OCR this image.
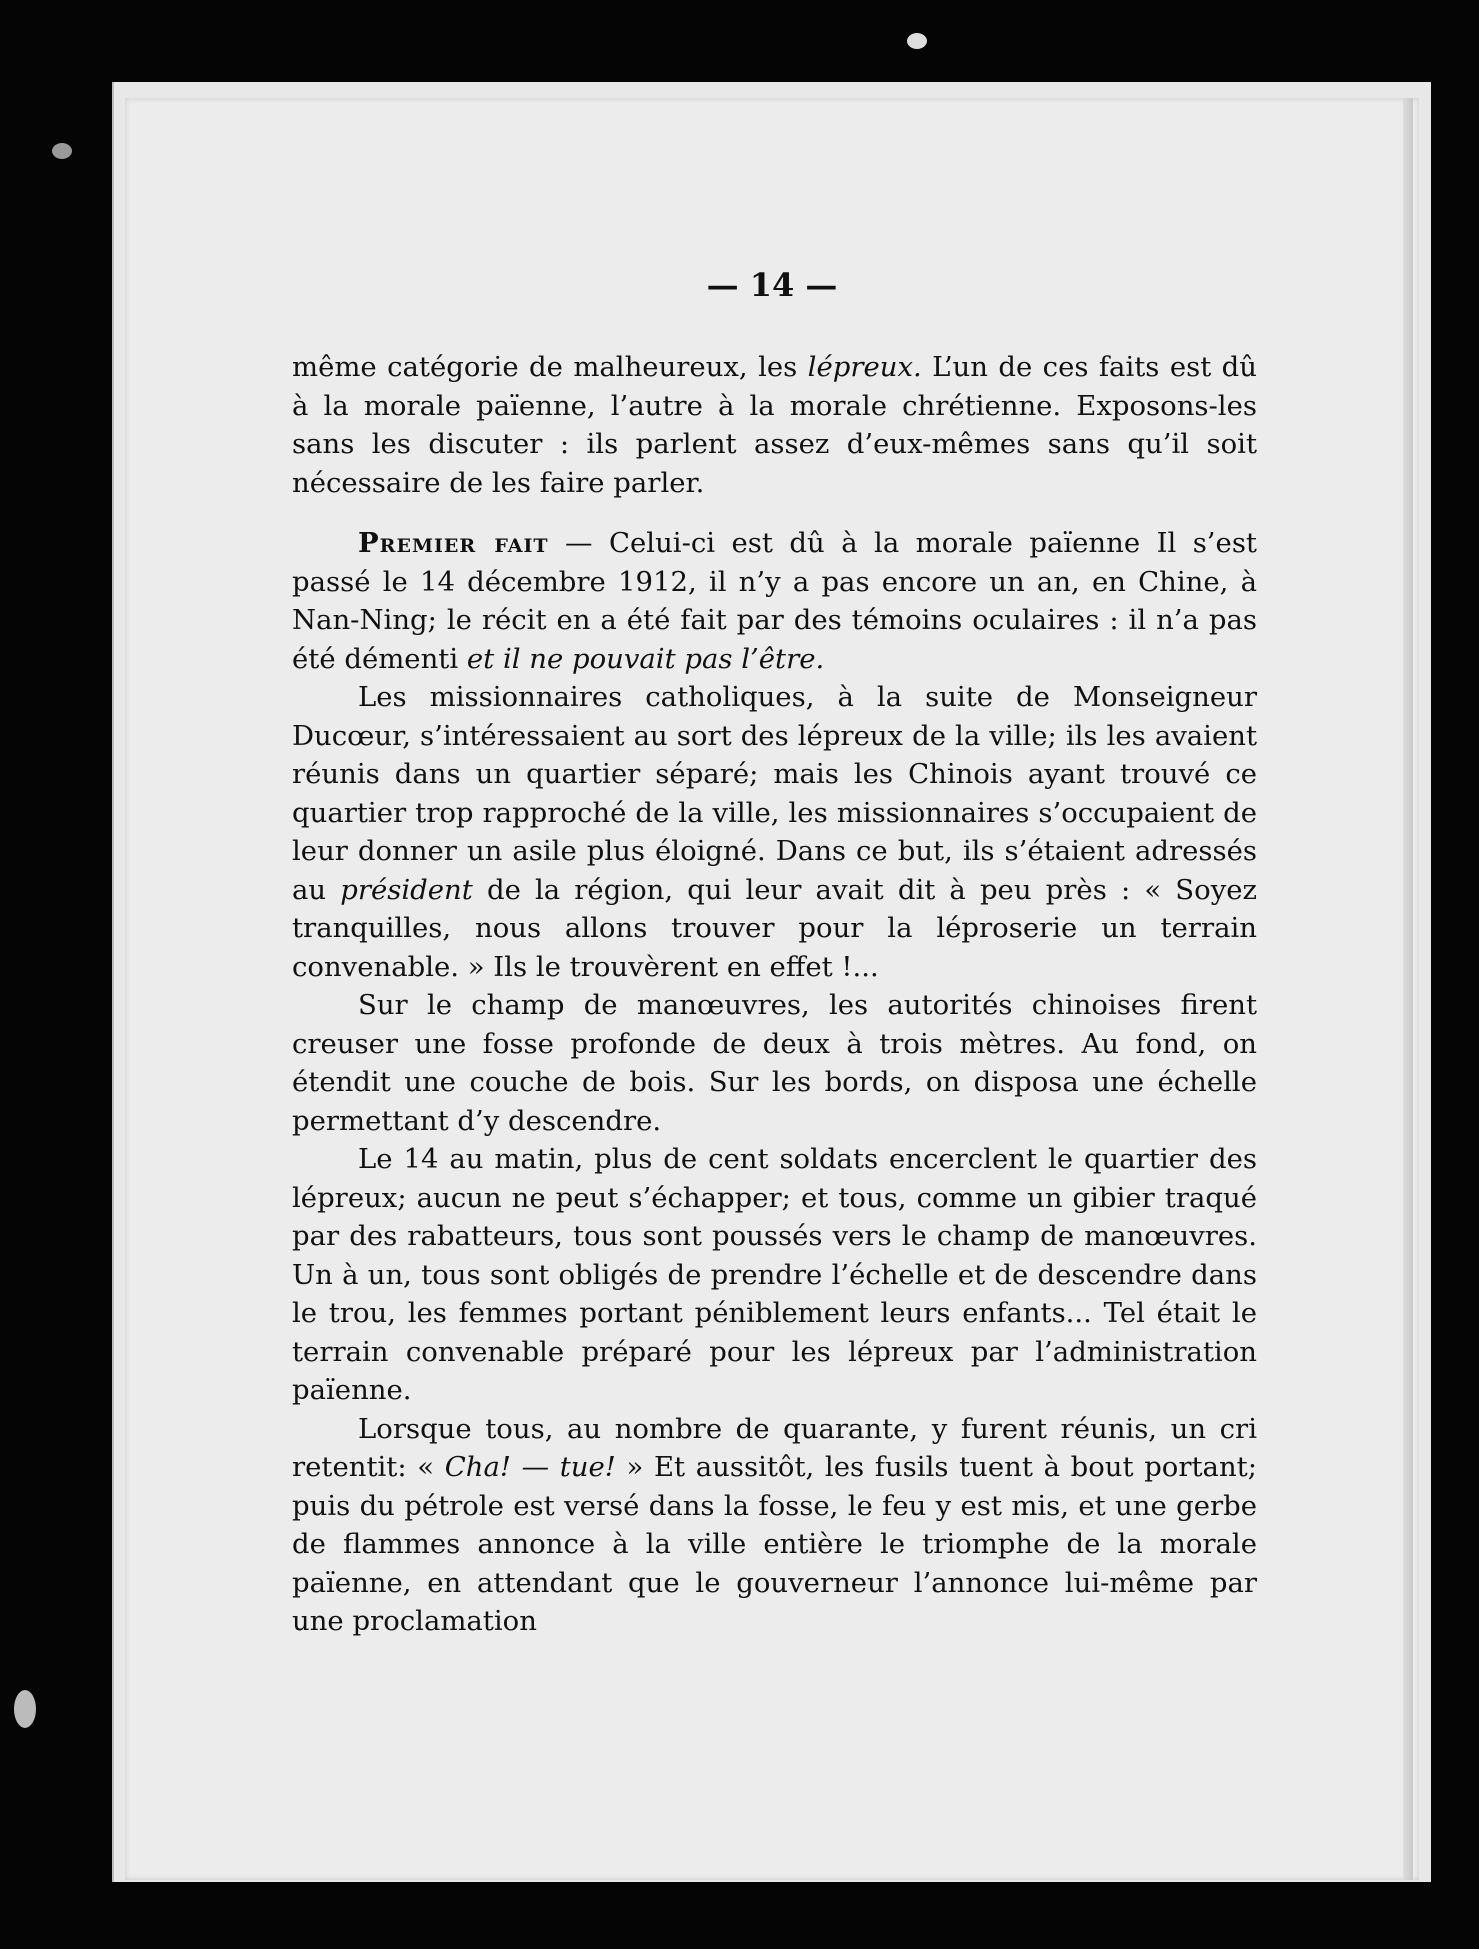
— 14 —

même catégorie de malheureux, les lépreux. L’un de ces faits est dû à la morale païenne, l’autre à la morale chrétienne. Exposons-les sans les discuter : ils parlent assez d’eux-mêmes sans qu’il soit nécessaire de les faire parler.

Premier fait — Celui-ci est dû à la morale païenne Il s’est passé le 14 décembre 1912, il n’y a pas encore un an, en Chine, à Nan-Ning; le récit en a été fait par des témoins oculaires : il n’a pas été démenti et il ne pouvait pas l’être.

Les missionnaires catholiques, à la suite de Monseigneur Ducœur, s’intéressaient au sort des lépreux de la ville; ils les avaient réunis dans un quartier séparé; mais les Chinois ayant trouvé ce quartier trop rapproché de la ville, les missionnaires s’occupaient de leur donner un asile plus éloigné. Dans ce but, ils s’étaient adressés au président de la région, qui leur avait dit à peu près : « Soyez tranquilles, nous allons trouver pour la léproserie un terrain convenable. » Ils le trouvèrent en effet !...

Sur le champ de manœuvres, les autorités chinoises firent creuser une fosse profonde de deux à trois mètres. Au fond, on étendit une couche de bois. Sur les bords, on disposa une échelle permettant d’y descendre.

Le 14 au matin, plus de cent soldats encerclent le quartier des lépreux; aucun ne peut s’échapper; et tous, comme un gibier traqué par des rabatteurs, tous sont poussés vers le champ de manœuvres. Un à un, tous sont obligés de prendre l’échelle et de descendre dans le trou, les femmes portant péniblement leurs enfants... Tel était le terrain convenable préparé pour les lépreux par l’administration païenne.

Lorsque tous, au nombre de quarante, y furent réunis, un cri retentit: « Cha! — tue! » Et aussitôt, les fusils tuent à bout portant; puis du pétrole est versé dans la fosse, le feu y est mis, et une gerbe de flammes annonce à la ville entière le triomphe de la morale païenne, en attendant que le gouverneur l’annonce lui-même par une proclamation
